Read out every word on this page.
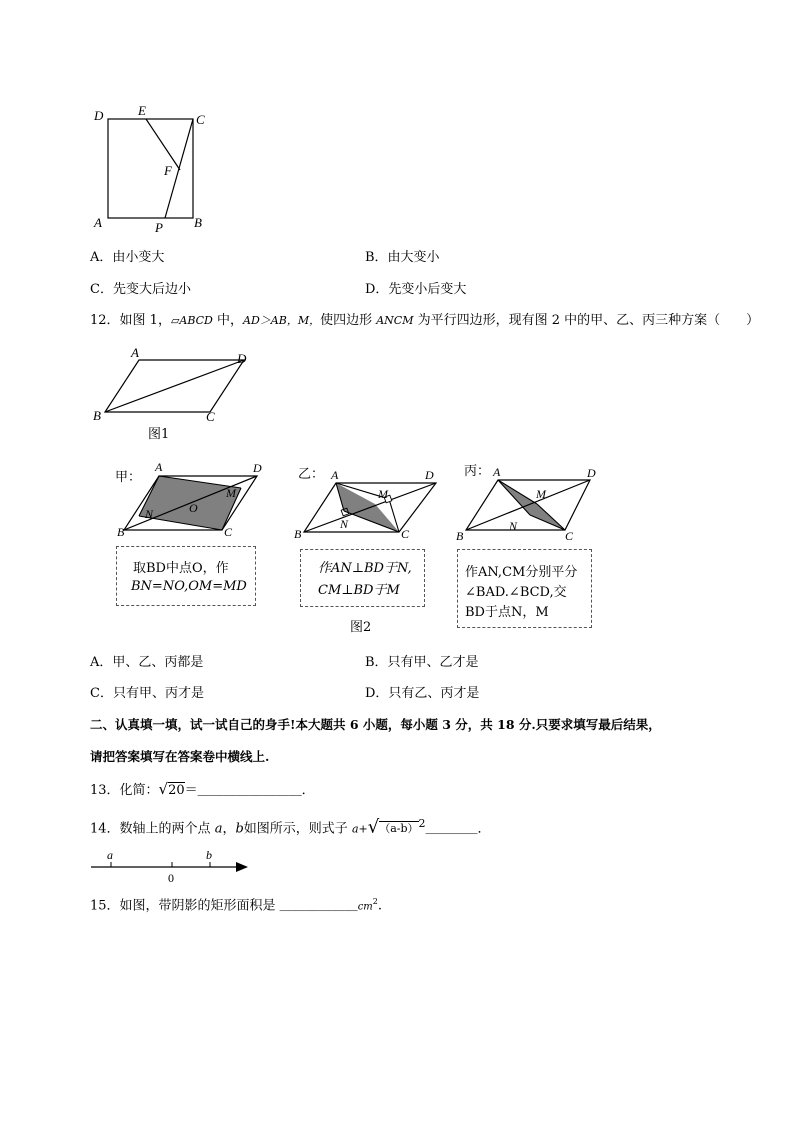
D	E
C
F
A	P B
A．由小变大	B．由大变小
C．先变大后边小	D．先变小后变大
12．如图 1，▱ABCD 中，AD＞AB，M，使四边形 ANCM 为平行四边形，现有图 2 中的甲、乙、丙三种方案（　　）
A	D
B	C
图1
甲：
A	D
M
N	O
B	C
取BD中点O，作
BN=NO,OM=MD
乙： A	D
M
N
B	C
作AN⊥BD于N,
CM⊥BD于M
图2
丙： A	D
M
N
B	C
作AN,CM分别平分
∠BAD.∠BCD,交
BD于点N，M
A．甲、乙、丙都是	B．只有甲、乙才是
C．只有甲、丙才是	D．只有乙、丙才是
二、认真填一填，试一试自己的身手!本大题共 6 小题，每小题 3 分，共 18 分.只要求填写最后结果，
请把答案填写在答案卷中横线上.
13．化简：√20＝＿＿＿＿＿＿＿＿．
14．数轴上的两个点 a，b如图所示，则式子 $a+√(a-b)^2\_\_\_\_$．
a
0
b
15．如图，带阴影的矩形面积是 $\_\_\_\_\_\_cm^2$.
